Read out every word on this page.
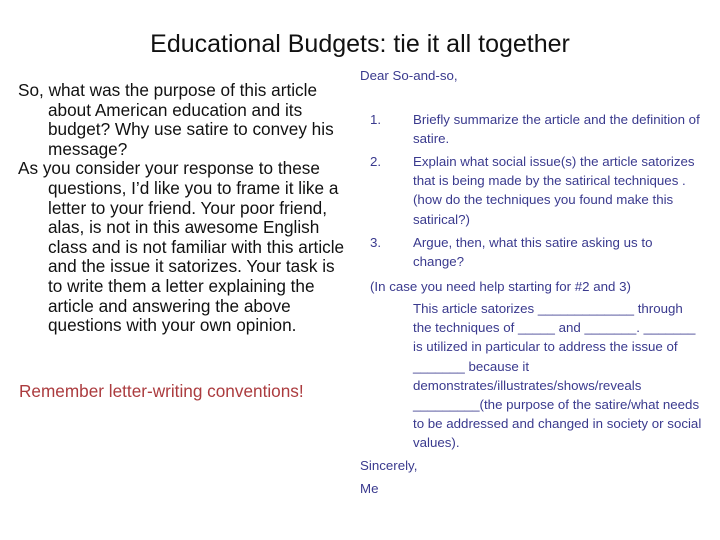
Educational Budgets: tie it all together

So, what was the purpose of this article about American education and its budget? Why use satire to convey his message?

As you consider your response to these questions, I’d like you to frame it like a letter to your friend. Your poor friend, alas, is not in this awesome English class and is not familiar with this article and the issue it satorizes. Your task is to write them a letter explaining the article and answering the above questions with your own opinion.

Remember letter-writing conventions!
Dear So-and-so,
1. Briefly summarize the article and the definition of satire.
2. Explain what social issue(s) the article satorizes that is being made by the satirical techniques . (how do the techniques you found make this satirical?)
3. Argue, then, what this satire asking us to change?
(In case you need help starting for #2 and 3)
This article satorizes _____________ through the techniques of _____ and _______. _______ is utilized in particular to address the issue of _______ because it demonstrates/illustrates/shows/reveals _________(the purpose of the satire/what needs to be addressed and changed in society or social values).
Sincerely,
Me
